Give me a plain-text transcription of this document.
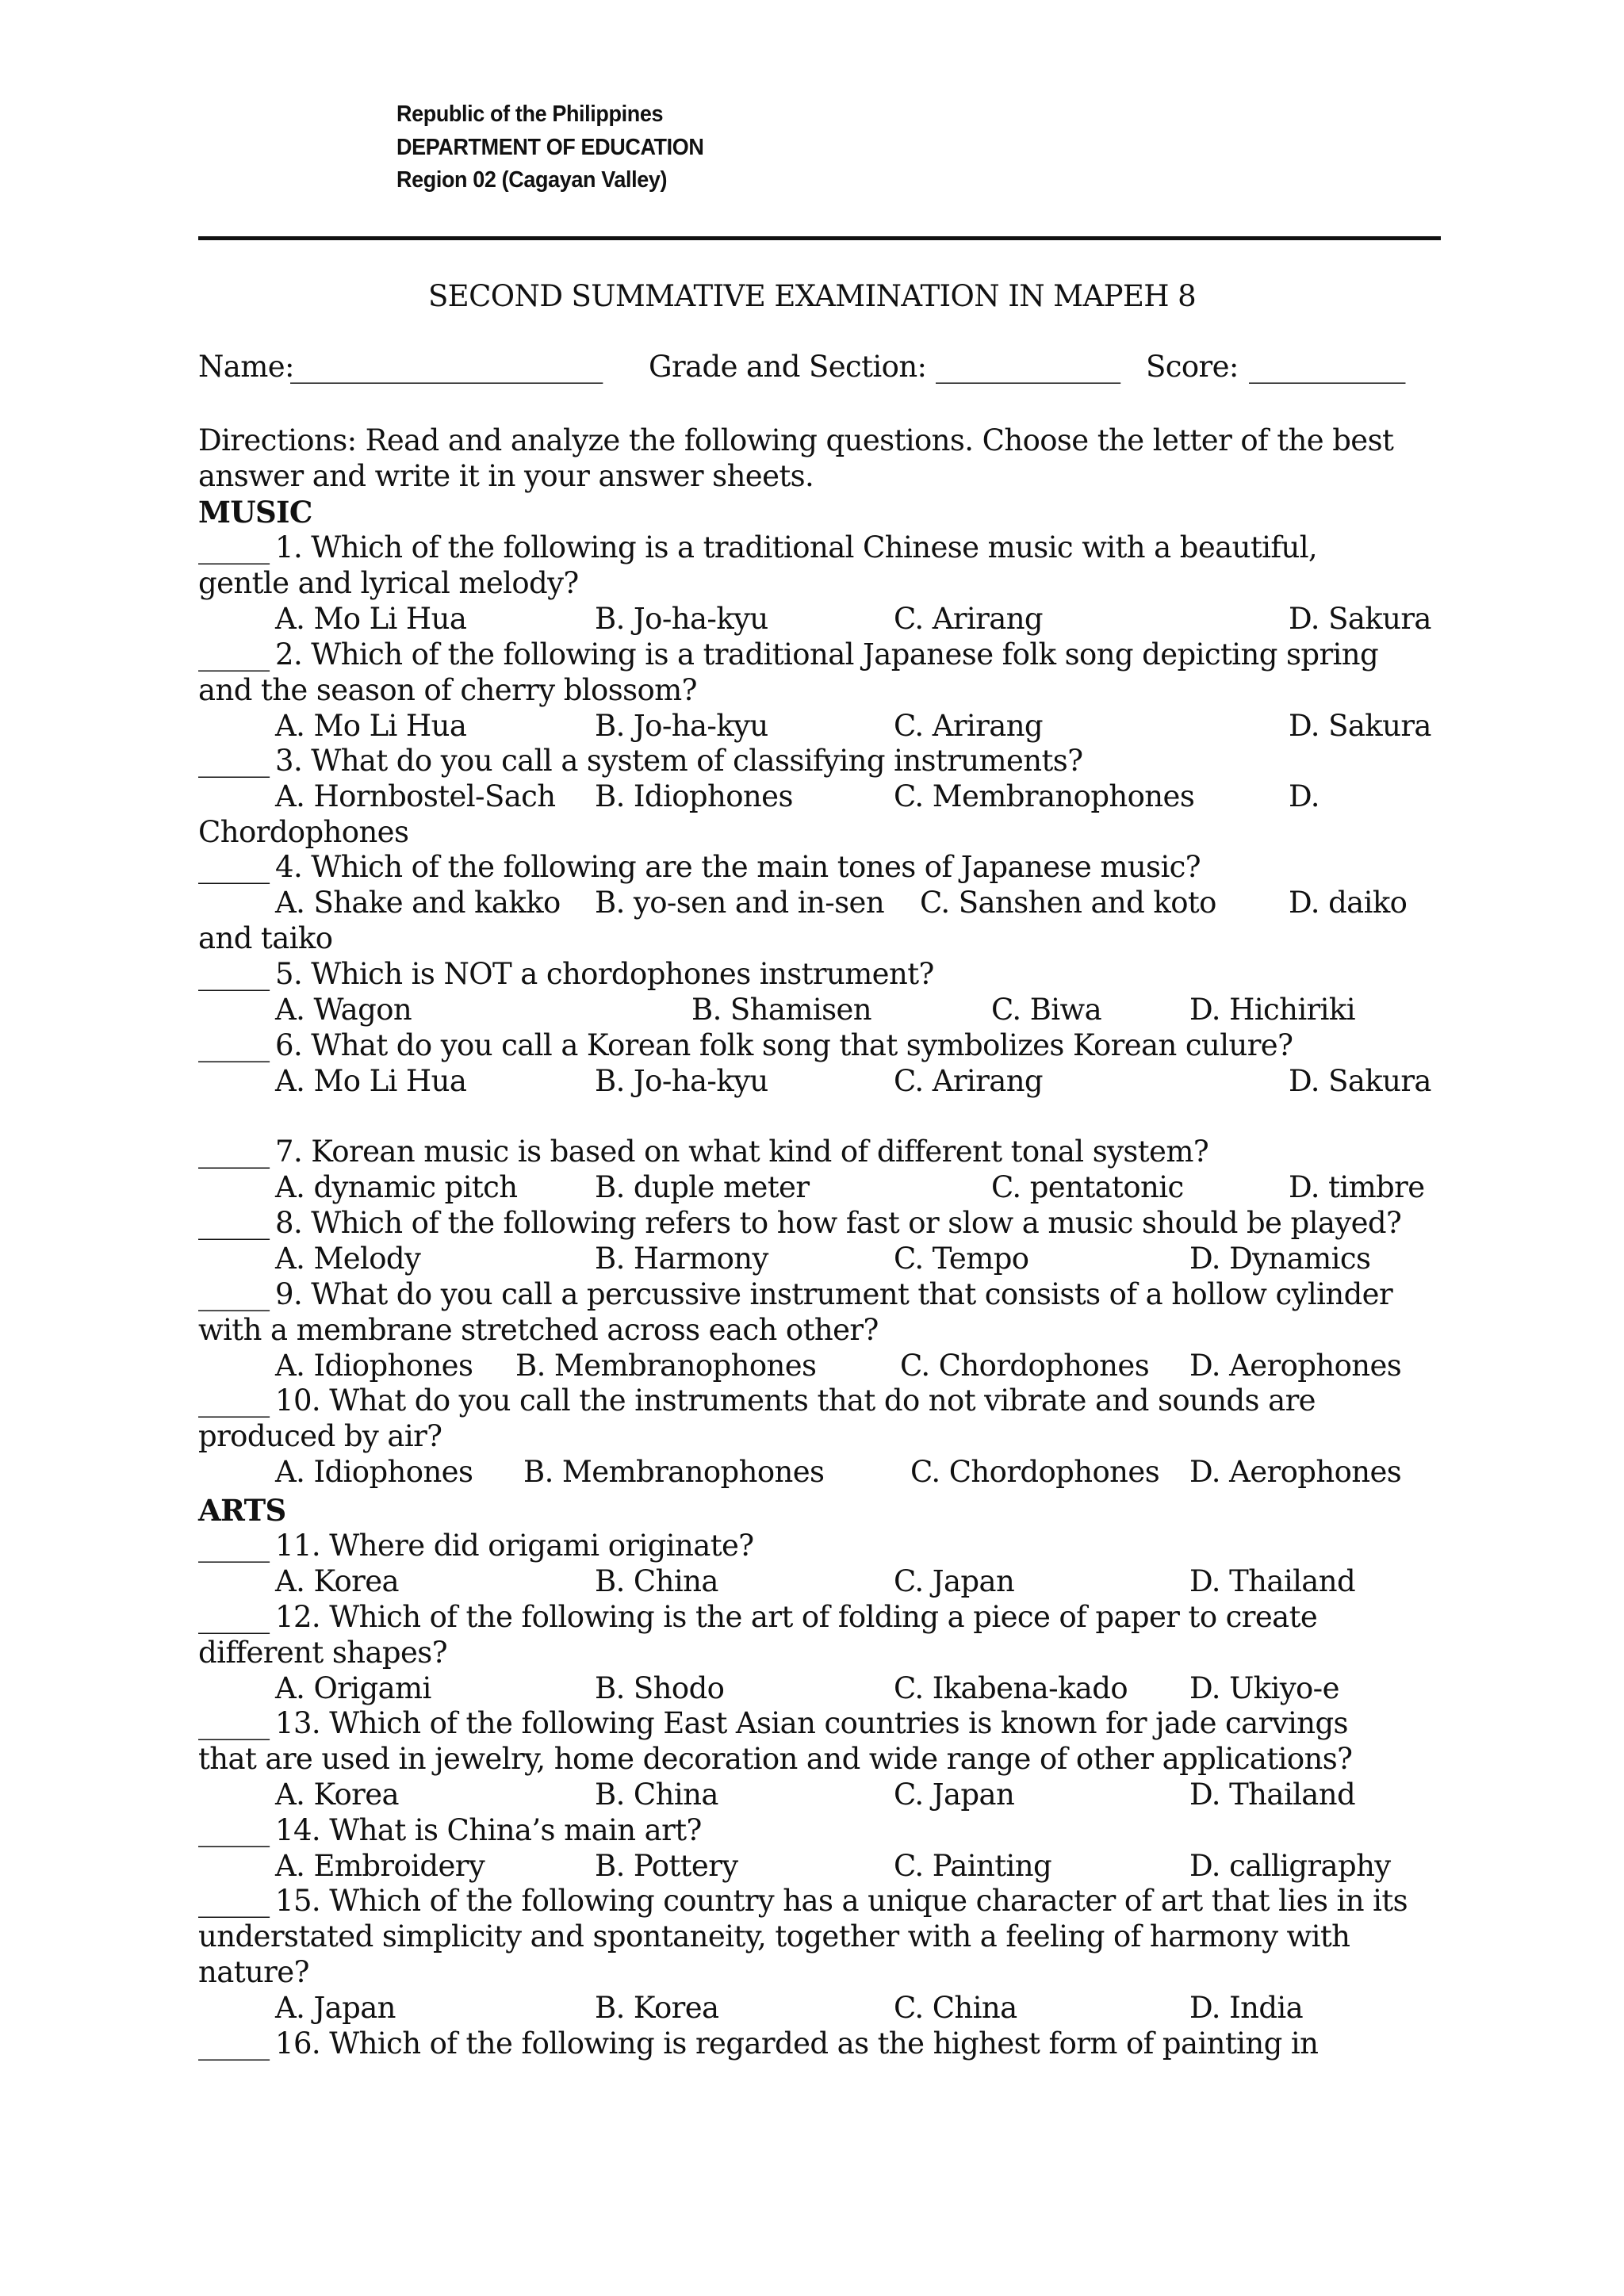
Republic of the Philippines
DEPARTMENT OF EDUCATION
Region 02 (Cagayan Valley)
SECOND SUMMATIVE EXAMINATION IN MAPEH 8
Name:
______________________ Grade and Section: _____________ Score: ___________
Directions: Read and analyze the following questions. Choose the letter of the best
answer and write it in your answer sheets.
MUSIC
_____ 1. Which of the following is a traditional Chinese music with a beautiful,
gentle and lyrical melody?
A. Mo Li Hua	B. Jo-ha-kyu	C. Arirang	D. Sakura
_____ 2. Which of the following is a traditional Japanese folk song depicting spring
and the season of cherry blossom?
A. Mo Li Hua	B. Jo-ha-kyu	C. Arirang	D. Sakura
_____ 3. What do you call a system of classifying instruments?
A. Hornbostel-Sach B. Idiophones	C. Membranophones	D.
Chordophones
_____ 4. Which of the following are the main tones of Japanese music?
A. Shake and kakko B. yo-sen and in-sen C. Sanshen and koto D. daiko
and taiko
_____ 5. Which is NOT a chordophones instrument?
A. Wagon	B. Shamisen	C. Biwa	D. Hichiriki
_____ 6. What do you call a Korean folk song that symbolizes Korean culure?
A. Mo Li Hua	B. Jo-ha-kyu	C. Arirang	D. Sakura
_____ 7. Korean music is based on what kind of different tonal system?
A. dynamic pitch	B. duple meter	C. pentatonic	D. timbre
_____ 8. Which of the following refers to how fast or slow a music should be played?
A. Melody	B. Harmony	C. Tempo	D. Dynamics
_____ 9. What do you call a percussive instrument that consists of a hollow cylinder
with a membrane stretched across each other?
A. Idiophones B. Membranophones	C. Chordophones D. Aerophones
_____ 10. What do you call the instruments that do not vibrate and sounds are
produced by air?
A. Idiophones B. Membranophones	C. Chordophones D. Aerophones
_____ 11. Where did origami originate?
A. Korea	B. China	C. Japan	D. Thailand
_____ 12. Which of the following is the art of folding a piece of paper to create
different shapes?
A. Origami	B. Shodo	C. Ikabena-kado D. Ukiyo-e
_____ 13. Which of the following East Asian countries is known for jade carvings
that are used in jewelry, home decoration and wide range of other applications?
A. Korea	B. China	C. Japan	D. Thailand
_____ 14. What is China’s main art?
A. Embroidery	B. Pottery	C. Painting	D. calligraphy
_____ 15. Which of the following country has a unique character of art that lies in its
understated simplicity and spontaneity, together with a feeling of harmony with
nature?
A. Japan	B. Korea	C. China	D. India
_____ 16. Which of the following is regarded as the highest form of painting in
ARTS
